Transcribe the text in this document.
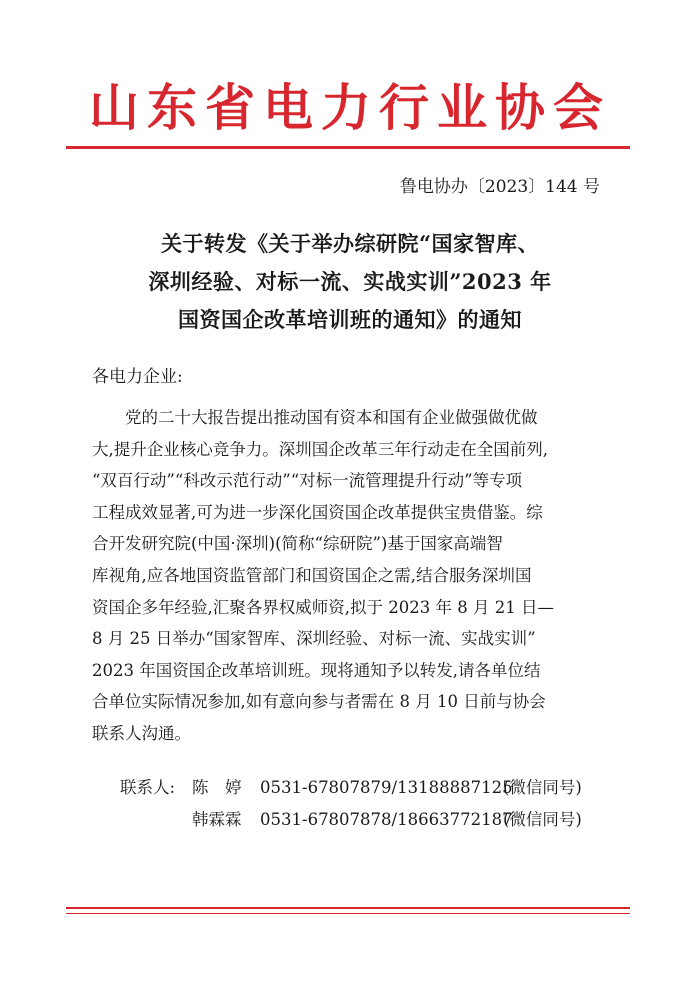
山东省电力行业协会
鲁电协办〔2023〕144 号
关于转发《关于举办综研院“国家智库、
深圳经验、对标一流、实战实训”2023 年
国资国企改革培训班的通知》的通知
各电力企业:
党的二十大报告提出推动国有资本和国有企业做强做优做
大,提升企业核心竞争力。深圳国企改革三年行动走在全国前列,
“双百行动”“科改示范行动”“对标一流管理提升行动”等专项
工程成效显著,可为进一步深化国资国企改革提供宝贵借鉴。综
合开发研究院(中国·深圳)(简称“综研院”)基于国家高端智
库视角,应各地国资监管部门和国资国企之需,结合服务深圳国
资国企多年经验,汇聚各界权威师资,拟于 2023 年 8 月 21 日—
8 月 25 日举办“国家智库、深圳经验、对标一流、实战实训”
2023 年国资国企改革培训班。现将通知予以转发,请各单位结
合单位实际情况参加,如有意向参与者需在 8 月 10 日前与协会
联系人沟通。
联系人: 陈　婷 0531-67807879/13188887125
(微信同号)
韩霖霖 0531-67807878/18663772187
(微信同号)
